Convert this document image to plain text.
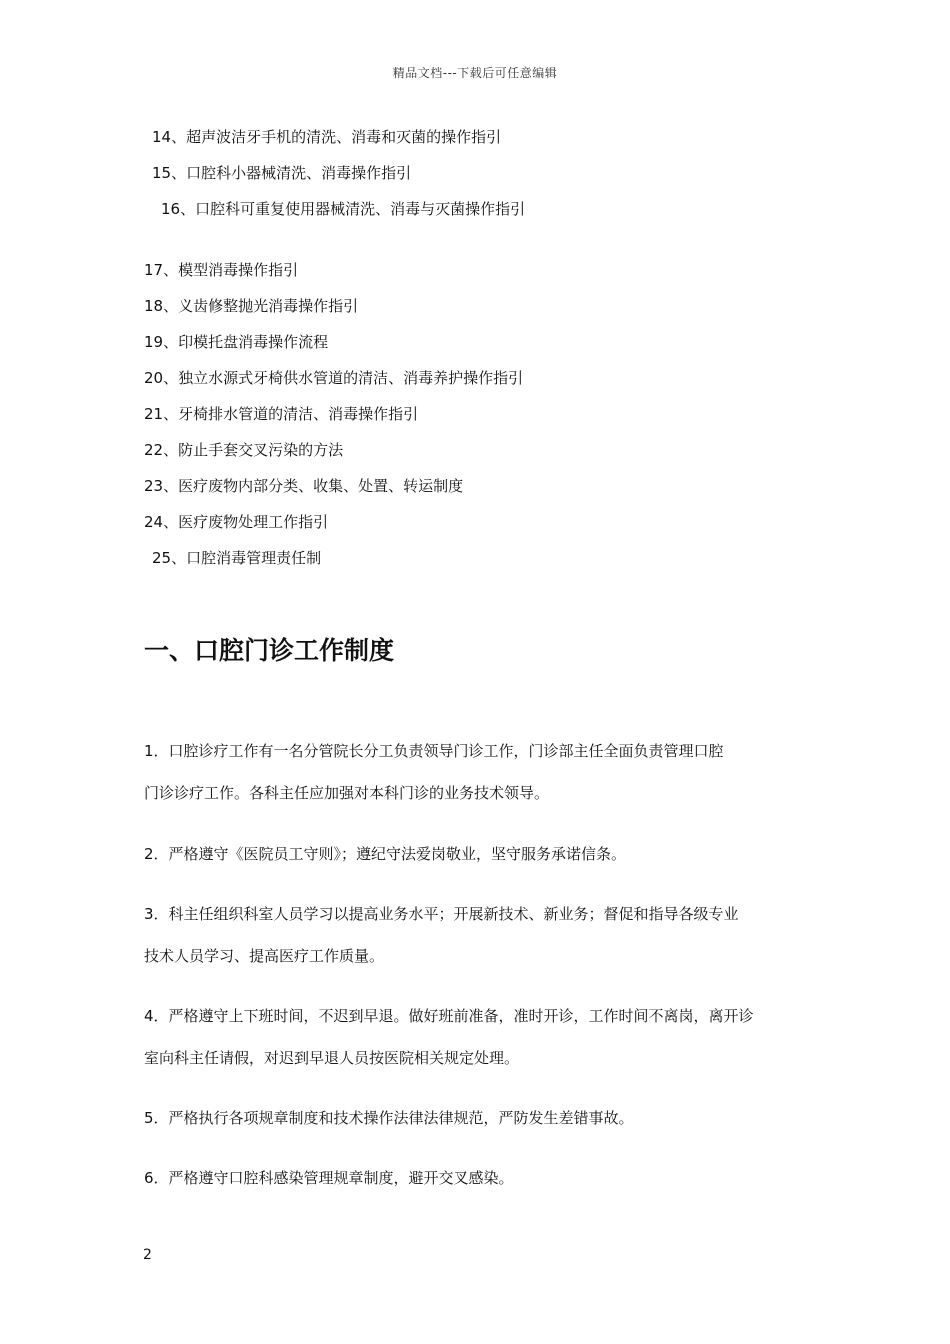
精品文档---下载后可任意编辑
14、超声波洁牙手机的清洗、消毒和灭菌的操作指引
15、口腔科小器械清洗、消毒操作指引
16、口腔科可重复使用器械清洗、消毒与灭菌操作指引
17、模型消毒操作指引
18、义齿修整抛光消毒操作指引
19、印模托盘消毒操作流程
20、独立水源式牙椅供水管道的清洁、消毒养护操作指引
21、牙椅排水管道的清洁、消毒操作指引
22、防止手套交叉污染的方法
23、医疗废物内部分类、收集、处置、转运制度
24、医疗废物处理工作指引
25、口腔消毒管理责任制
一、口腔门诊工作制度
1．口腔诊疗工作有一名分管院长分工负责领导门诊工作，门诊部主任全面负责管理口腔
门诊诊疗工作。各科主任应加强对本科门诊的业务技术领导。
2．严格遵守《医院员工守则》；遵纪守法爱岗敬业，坚守服务承诺信条。
3．科主任组织科室人员学习以提高业务水平；开展新技术、新业务；督促和指导各级专业
技术人员学习、提高医疗工作质量。
4．严格遵守上下班时间，不迟到早退。做好班前准备，准时开诊，工作时间不离岗，离开诊
室向科主任请假，对迟到早退人员按医院相关规定处理。
5．严格执行各项规章制度和技术操作法律法律规范，严防发生差错事故。
6．严格遵守口腔科感染管理规章制度，避开交叉感染。
2
